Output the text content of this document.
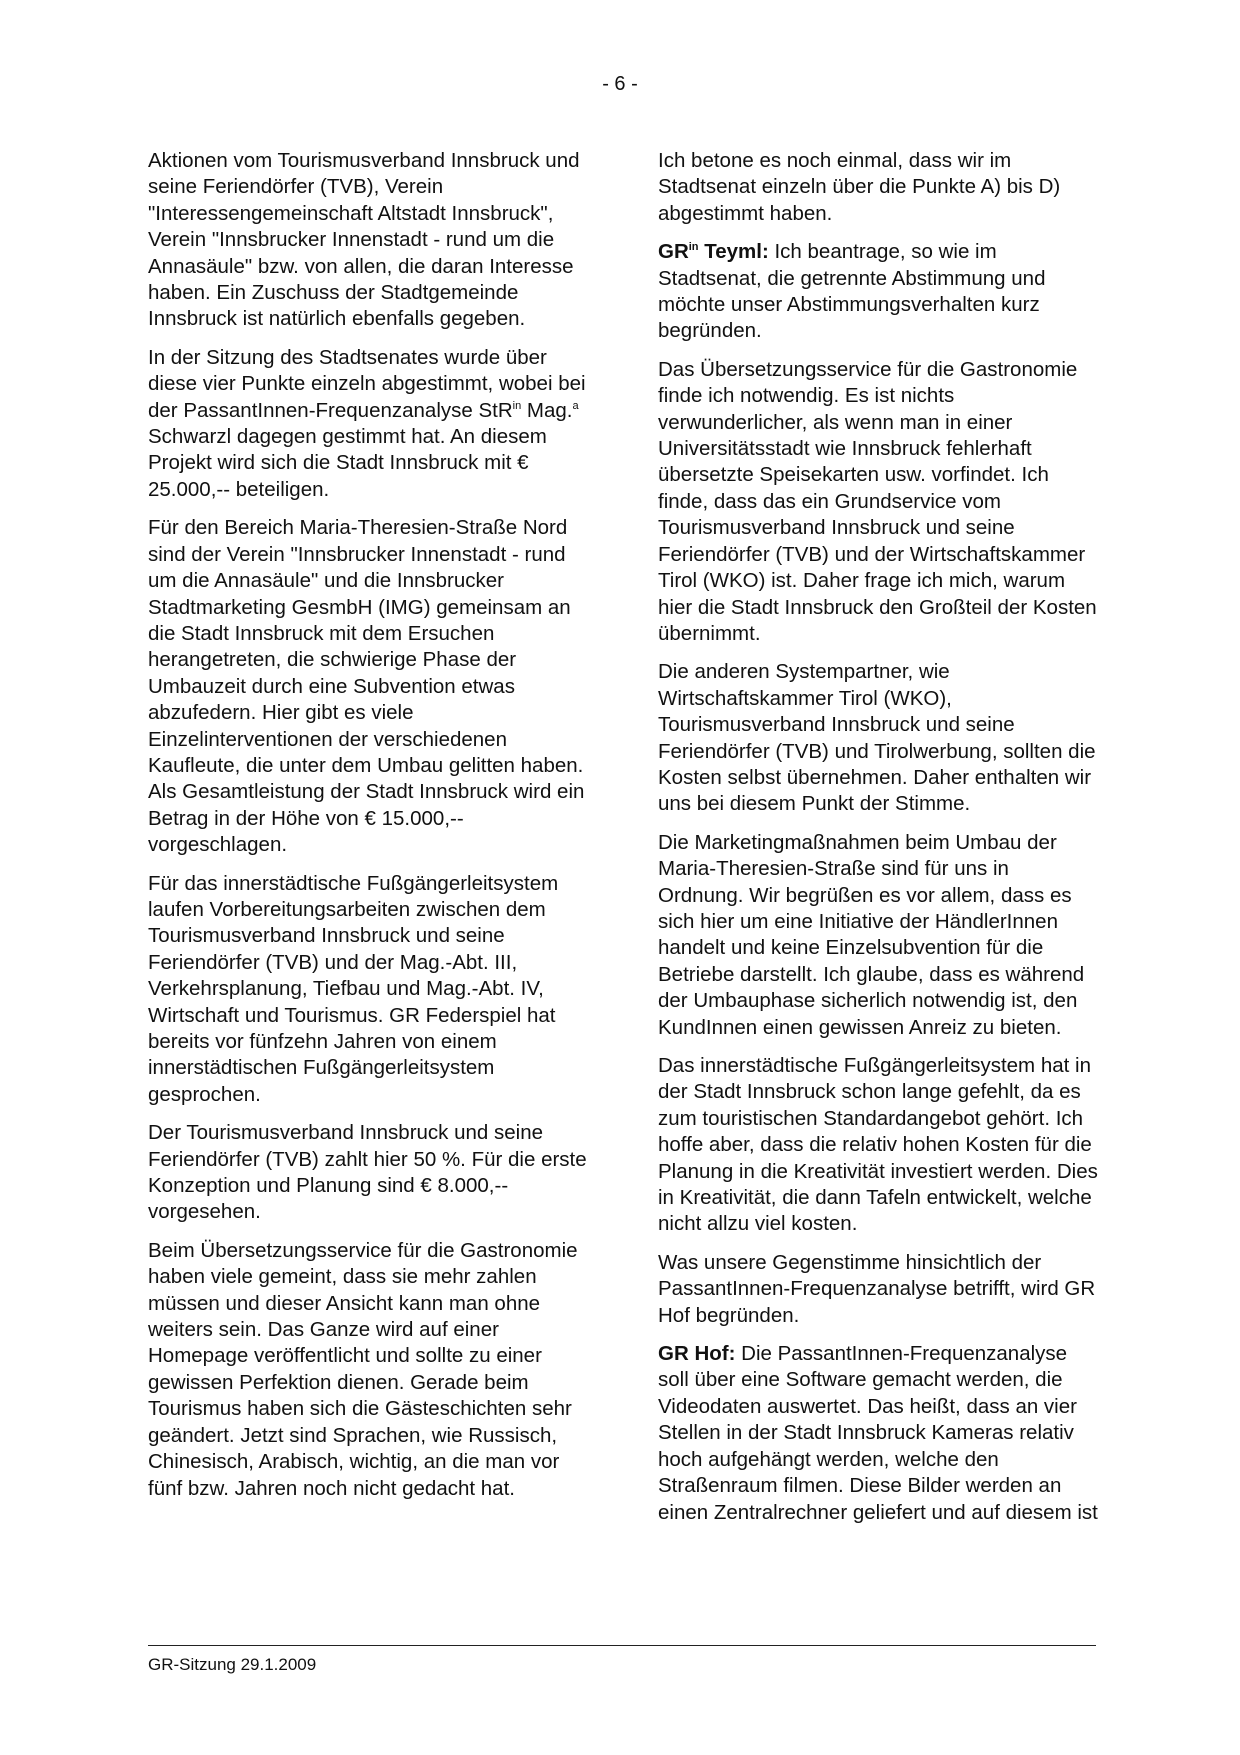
- 6 -

Aktionen vom Tourismusverband Innsbruck und seine Feriendörfer (TVB), Verein "Interessengemeinschaft Altstadt Innsbruck", Verein "Innsbrucker Innenstadt - rund um die Annasäule" bzw. von allen, die daran Interesse haben. Ein Zuschuss der Stadtgemeinde Innsbruck ist natürlich ebenfalls gegeben.

In der Sitzung des Stadtsenates wurde über diese vier Punkte einzeln abgestimmt, wobei bei der PassantInnen-Frequenzanalyse StR$^{in}$ Mag.$^a$ Schwarzl dagegen gestimmt hat. An diesem Projekt wird sich die Stadt Innsbruck mit € 25.000,-- beteiligen.

Für den Bereich Maria-Theresien-Straße Nord sind der Verein "Innsbrucker Innenstadt - rund um die Annasäule" und die Innsbrucker Stadtmarketing GesmbH (IMG) gemeinsam an die Stadt Innsbruck mit dem Ersuchen herangetreten, die schwierige Phase der Umbauzeit durch eine Subvention etwas abzufedern. Hier gibt es viele Einzelinterventionen der verschiedenen Kaufleute, die unter dem Umbau gelitten haben. Als Gesamtleistung der Stadt Innsbruck wird ein Betrag in der Höhe von € 15.000,-- vorgeschlagen.

Für das innerstädtische Fußgängerleitsystem laufen Vorbereitungsarbeiten zwischen dem Tourismusverband Innsbruck und seine Feriendörfer (TVB) und der Mag.-Abt. III, Verkehrsplanung, Tiefbau und Mag.-Abt. IV, Wirtschaft und Tourismus. GR Federspiel hat bereits vor fünfzehn Jahren von einem innerstädtischen Fußgängerleitsystem gesprochen.

Der Tourismusverband Innsbruck und seine Feriendörfer (TVB) zahlt hier 50 %. Für die erste Konzeption und Planung sind € 8.000,-- vorgesehen.

Beim Übersetzungsservice für die Gastronomie haben viele gemeint, dass sie mehr zahlen müssen und dieser Ansicht kann man ohne weiters sein. Das Ganze wird auf einer Homepage veröffentlicht und sollte zu einer gewissen Perfektion dienen. Gerade beim Tourismus haben sich die Gästeschichten sehr geändert. Jetzt sind Sprachen, wie Russisch, Chinesisch, Arabisch, wichtig, an die man vor fünf bzw. Jahren noch nicht gedacht hat.

Ich betone es noch einmal, dass wir im Stadtsenat einzeln über die Punkte A) bis D) abgestimmt haben.

$GR^{in}$ Teyml: Ich beantrage, so wie im Stadtsenat, die getrennte Abstimmung und möchte unser Abstimmungsverhalten kurz begründen.

Das Übersetzungsservice für die Gastronomie finde ich notwendig. Es ist nichts verwunderlicher, als wenn man in einer Universitätsstadt wie Innsbruck fehlerhaft übersetzte Speisekarten usw. vorfindet. Ich finde, dass das ein Grundservice vom Tourismusverband Innsbruck und seine Feriendörfer (TVB) und der Wirtschaftskammer Tirol (WKO) ist. Daher frage ich mich, warum hier die Stadt Innsbruck den Großteil der Kosten übernimmt.

Die anderen Systempartner, wie Wirtschaftskammer Tirol (WKO), Tourismusverband Innsbruck und seine Feriendörfer (TVB) und Tirolwerbung, sollten die Kosten selbst übernehmen. Daher enthalten wir uns bei diesem Punkt der Stimme.

Die Marketingmaßnahmen beim Umbau der Maria-Theresien-Straße sind für uns in Ordnung. Wir begrüßen es vor allem, dass es sich hier um eine Initiative der HändlerInnen handelt und keine Einzelsubvention für die Betriebe darstellt. Ich glaube, dass es während der Umbauphase sicherlich notwendig ist, den KundInnen einen gewissen Anreiz zu bieten.

Das innerstädtische Fußgängerleitsystem hat in der Stadt Innsbruck schon lange gefehlt, da es zum touristischen Standardangebot gehört. Ich hoffe aber, dass die relativ hohen Kosten für die Planung in die Kreativität investiert werden. Dies in Kreativität, die dann Tafeln entwickelt, welche nicht allzu viel kosten.

Was unsere Gegenstimme hinsichtlich der PassantInnen-Frequenzanalyse betrifft, wird GR Hof begründen.

GR Hof: Die PassantInnen-Frequenzanalyse soll über eine Software gemacht werden, die Videodaten auswertet. Das heißt, dass an vier Stellen in der Stadt Innsbruck Kameras relativ hoch aufgehängt werden, welche den Straßenraum filmen. Diese Bilder werden an einen Zentralrechner geliefert und auf diesem ist

GR-Sitzung 29.1.2009
